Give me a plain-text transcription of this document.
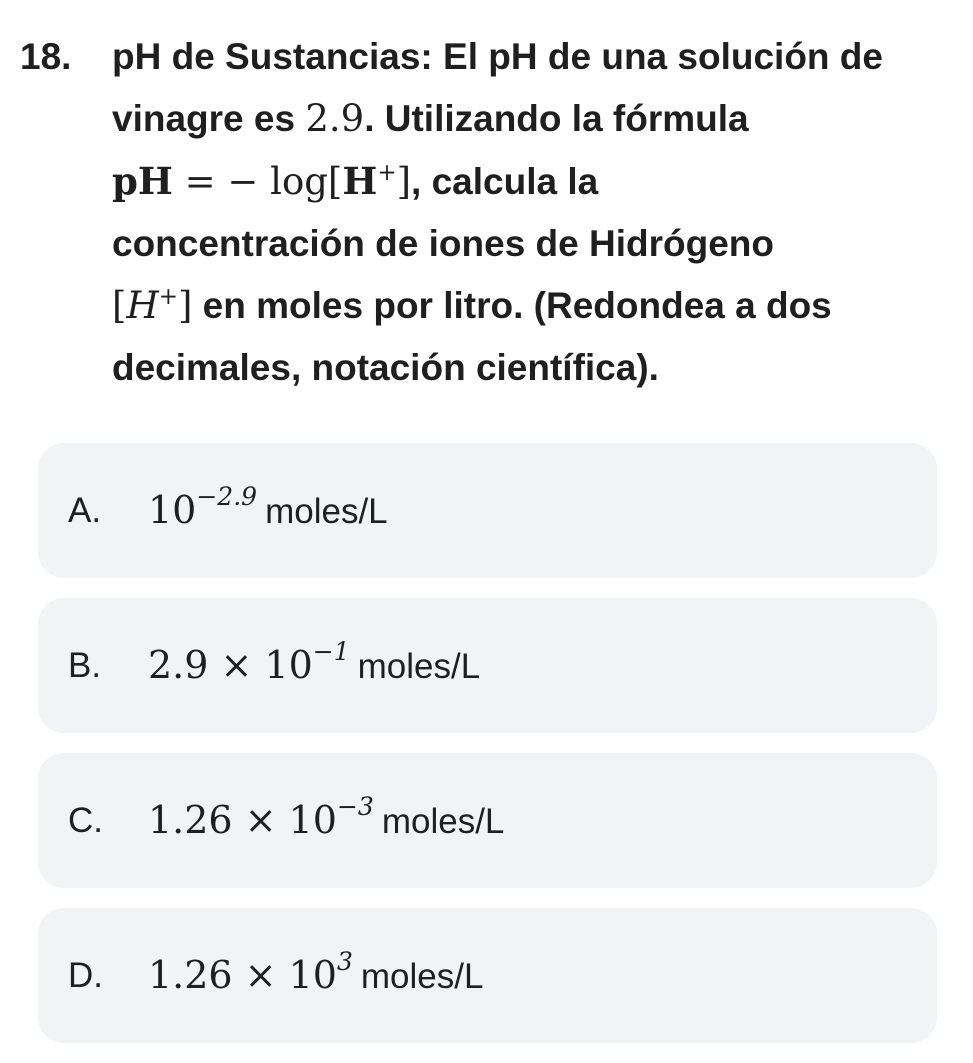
18. pH de Sustancias: El pH de una solución de vinagre es 2.9. Utilizando la fórmula
pH = − log[H+], calcula la
concentración de iones de Hidrógeno
[H+] en moles por litro. (Redondea a dos decimales, notación científica).
A. $10^{-2.9}$ moles/L
B. $2.9 \times 10^{-1}$ moles/L
C. $1.26 \times 10^{-3}$ moles/L
D. $1.26 \times 10^3$ moles/L
